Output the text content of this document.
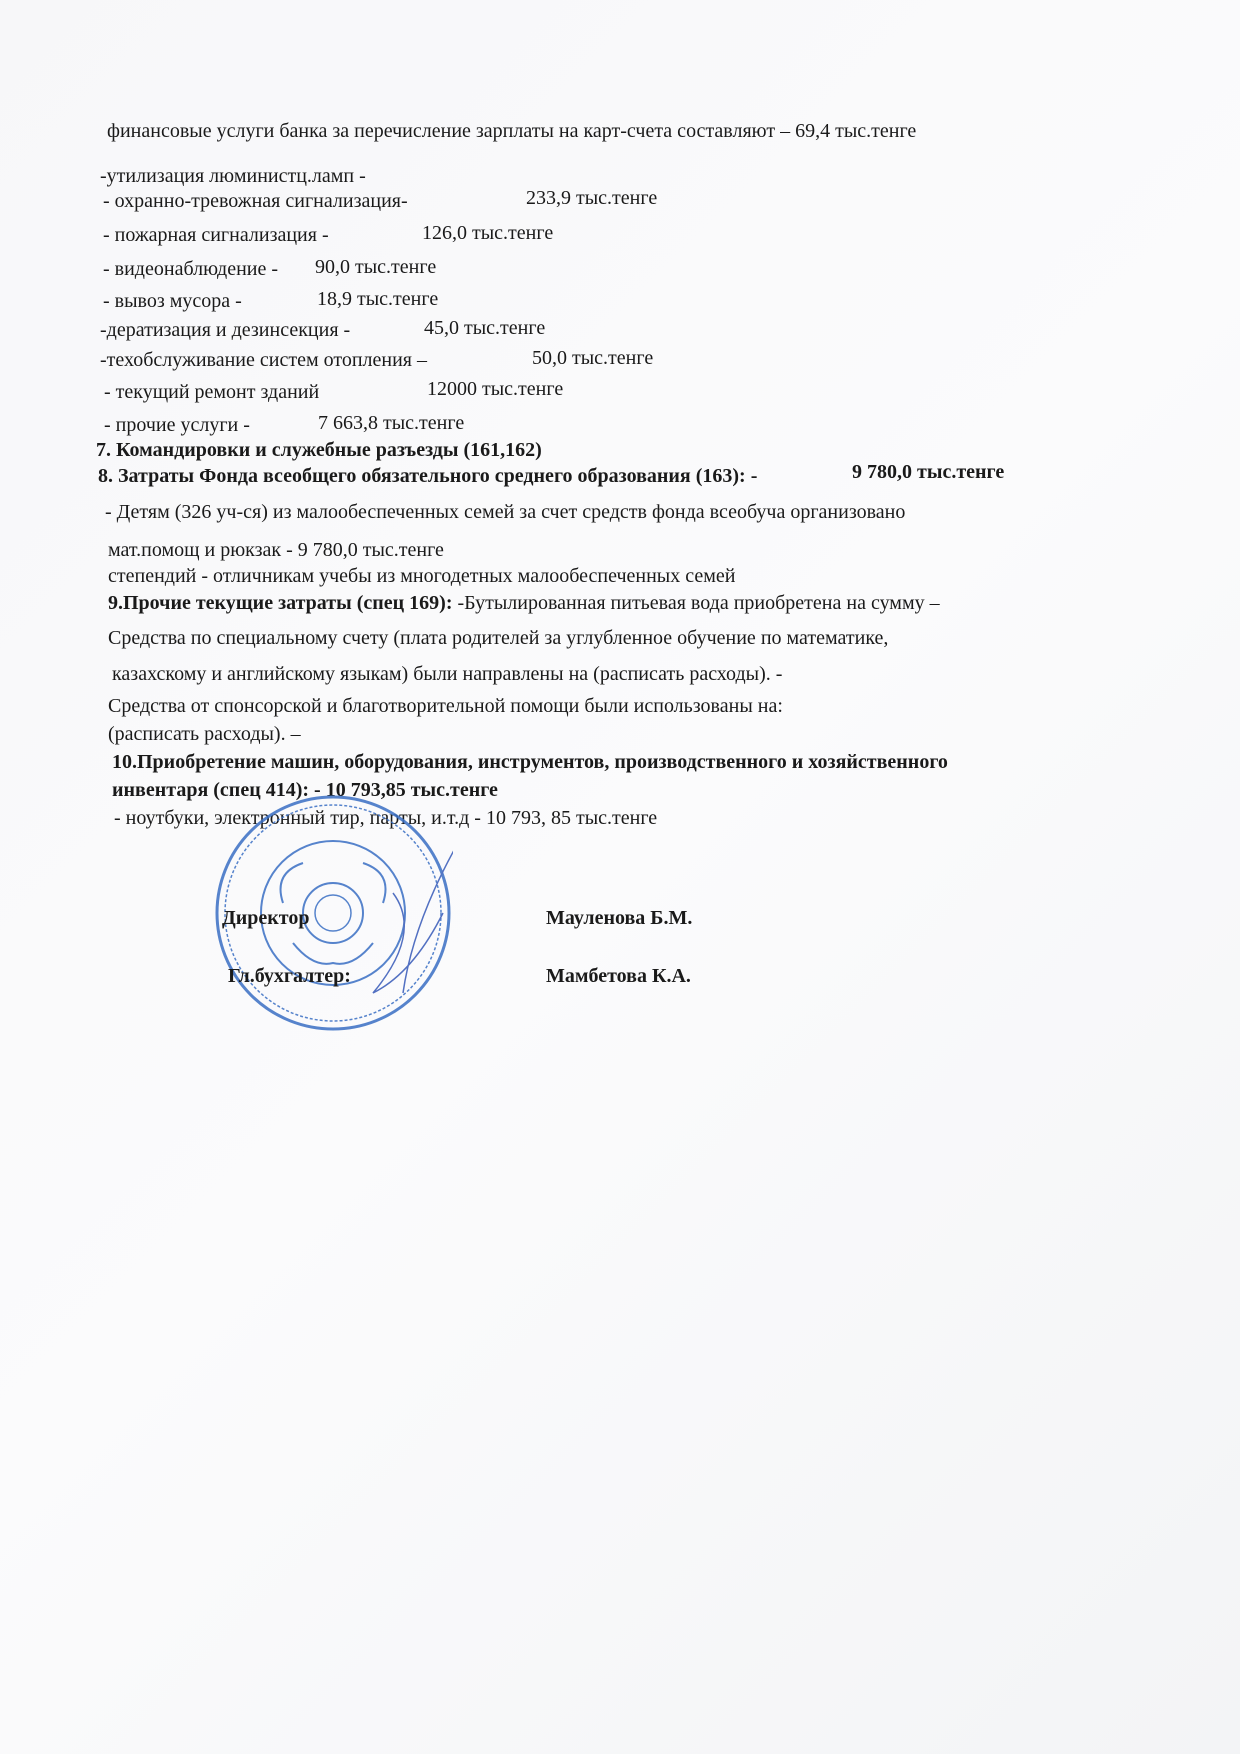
финансовые услуги банка за перечисление зарплаты на карт-счета составляют – 69,4 тыс.тенге
-утилизация люминистц.ламп -
- охранно-тревожная сигнализация-	233,9 тыс.тенге
- пожарная сигнализация -	126,0 тыс.тенге
- видеонаблюдение - 90,0 тыс.тенге
- вывоз мусора -	18,9 тыс.тенге
-дератизация и дезинсекция -	45,0 тыс.тенге
-техобслуживание систем отопления –	50,0 тыс.тенге
- текущий ремонт зданий	12000 тыс.тенге
- прочие услуги -	7 663,8 тыс.тенге
7. Командировки и служебные разъезды (161,162)
8. Затраты Фонда всеобщего обязательного среднего образования (163): -	9 780,0 тыс.тенге
- Детям (326 уч-ся) из малообеспеченных семей за счет средств фонда всеобуча организовано
мат.помощ и рюкзак - 9 780,0 тыс.тенге
степендий - отличникам учебы из многодетных малообеспеченных семей
9.Прочие текущие затраты (спец 169): -Бутылированная питьевая вода приобретена на сумму –
Средства по специальному счету (плата родителей за углубленное обучение по математике,
казахскому и английскому языкам) были направлены на (расписать расходы). -
Средства от спонсорской и благотворительной помощи были использованы на:
(расписать расходы). –
10.Приобретение машин, оборудования, инструментов, производственного и хозяйственного
инвентаря (спец 414): - 10 793,85 тыс.тенге
- ноутбуки, электронный тир, парты, и.т.д - 10 793, 85 тыс.тенге
Директор	Мауленова Б.М.
Гл.бухгалтер:	Мамбетова К.А.
